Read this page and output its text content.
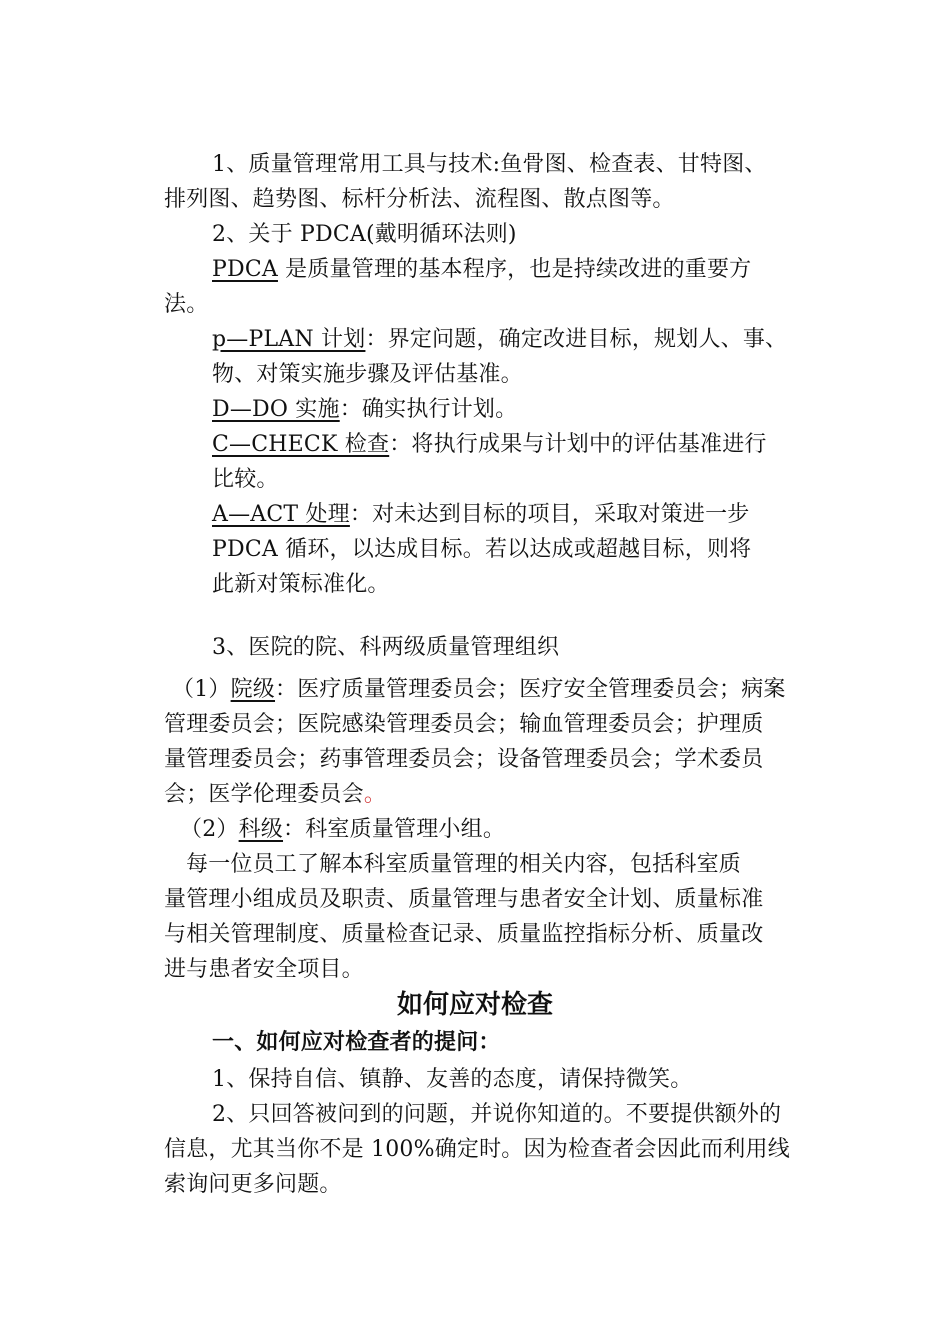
1、质量管理常用工具与技术:鱼骨图、检查表、甘特图、
排列图、趋势图、标杆分析法、流程图、散点图等。
2、关于 PDCA(戴明循环法则)
PDCA 是质量管理的基本程序，也是持续改进的重要方
法。
p—PLAN 计划：界定问题，确定改进目标，规划人、事、
物、对策实施步骤及评估基准。
D—DO 实施：确实执行计划。
C—CHECK 检查：将执行成果与计划中的评估基准进行
比较。
A—ACT 处理：对未达到目标的项目，采取对策进一步
PDCA 循环，以达成目标。若以达成或超越目标，则将
此新对策标准化。
3、医院的院、科两级质量管理组织
（1）院级：医疗质量管理委员会；医疗安全管理委员会；病案
管理委员会；医院感染管理委员会；输血管理委员会；护理质
量管理委员会；药事管理委员会；设备管理委员会；学术委员
会；医学伦理委员会。
（2）科级：科室质量管理小组。
每一位员工了解本科室质量管理的相关内容，包括科室质
量管理小组成员及职责、质量管理与患者安全计划、质量标准
与相关管理制度、质量检查记录、质量监控指标分析、质量改
进与患者安全项目。
如何应对检查
一、如何应对检查者的提问：
1、保持自信、镇静、友善的态度，请保持微笑。
2、只回答被问到的问题，并说你知道的。不要提供额外的
信息，尤其当你不是 100%确定时。因为检查者会因此而利用线
索询问更多问题。
